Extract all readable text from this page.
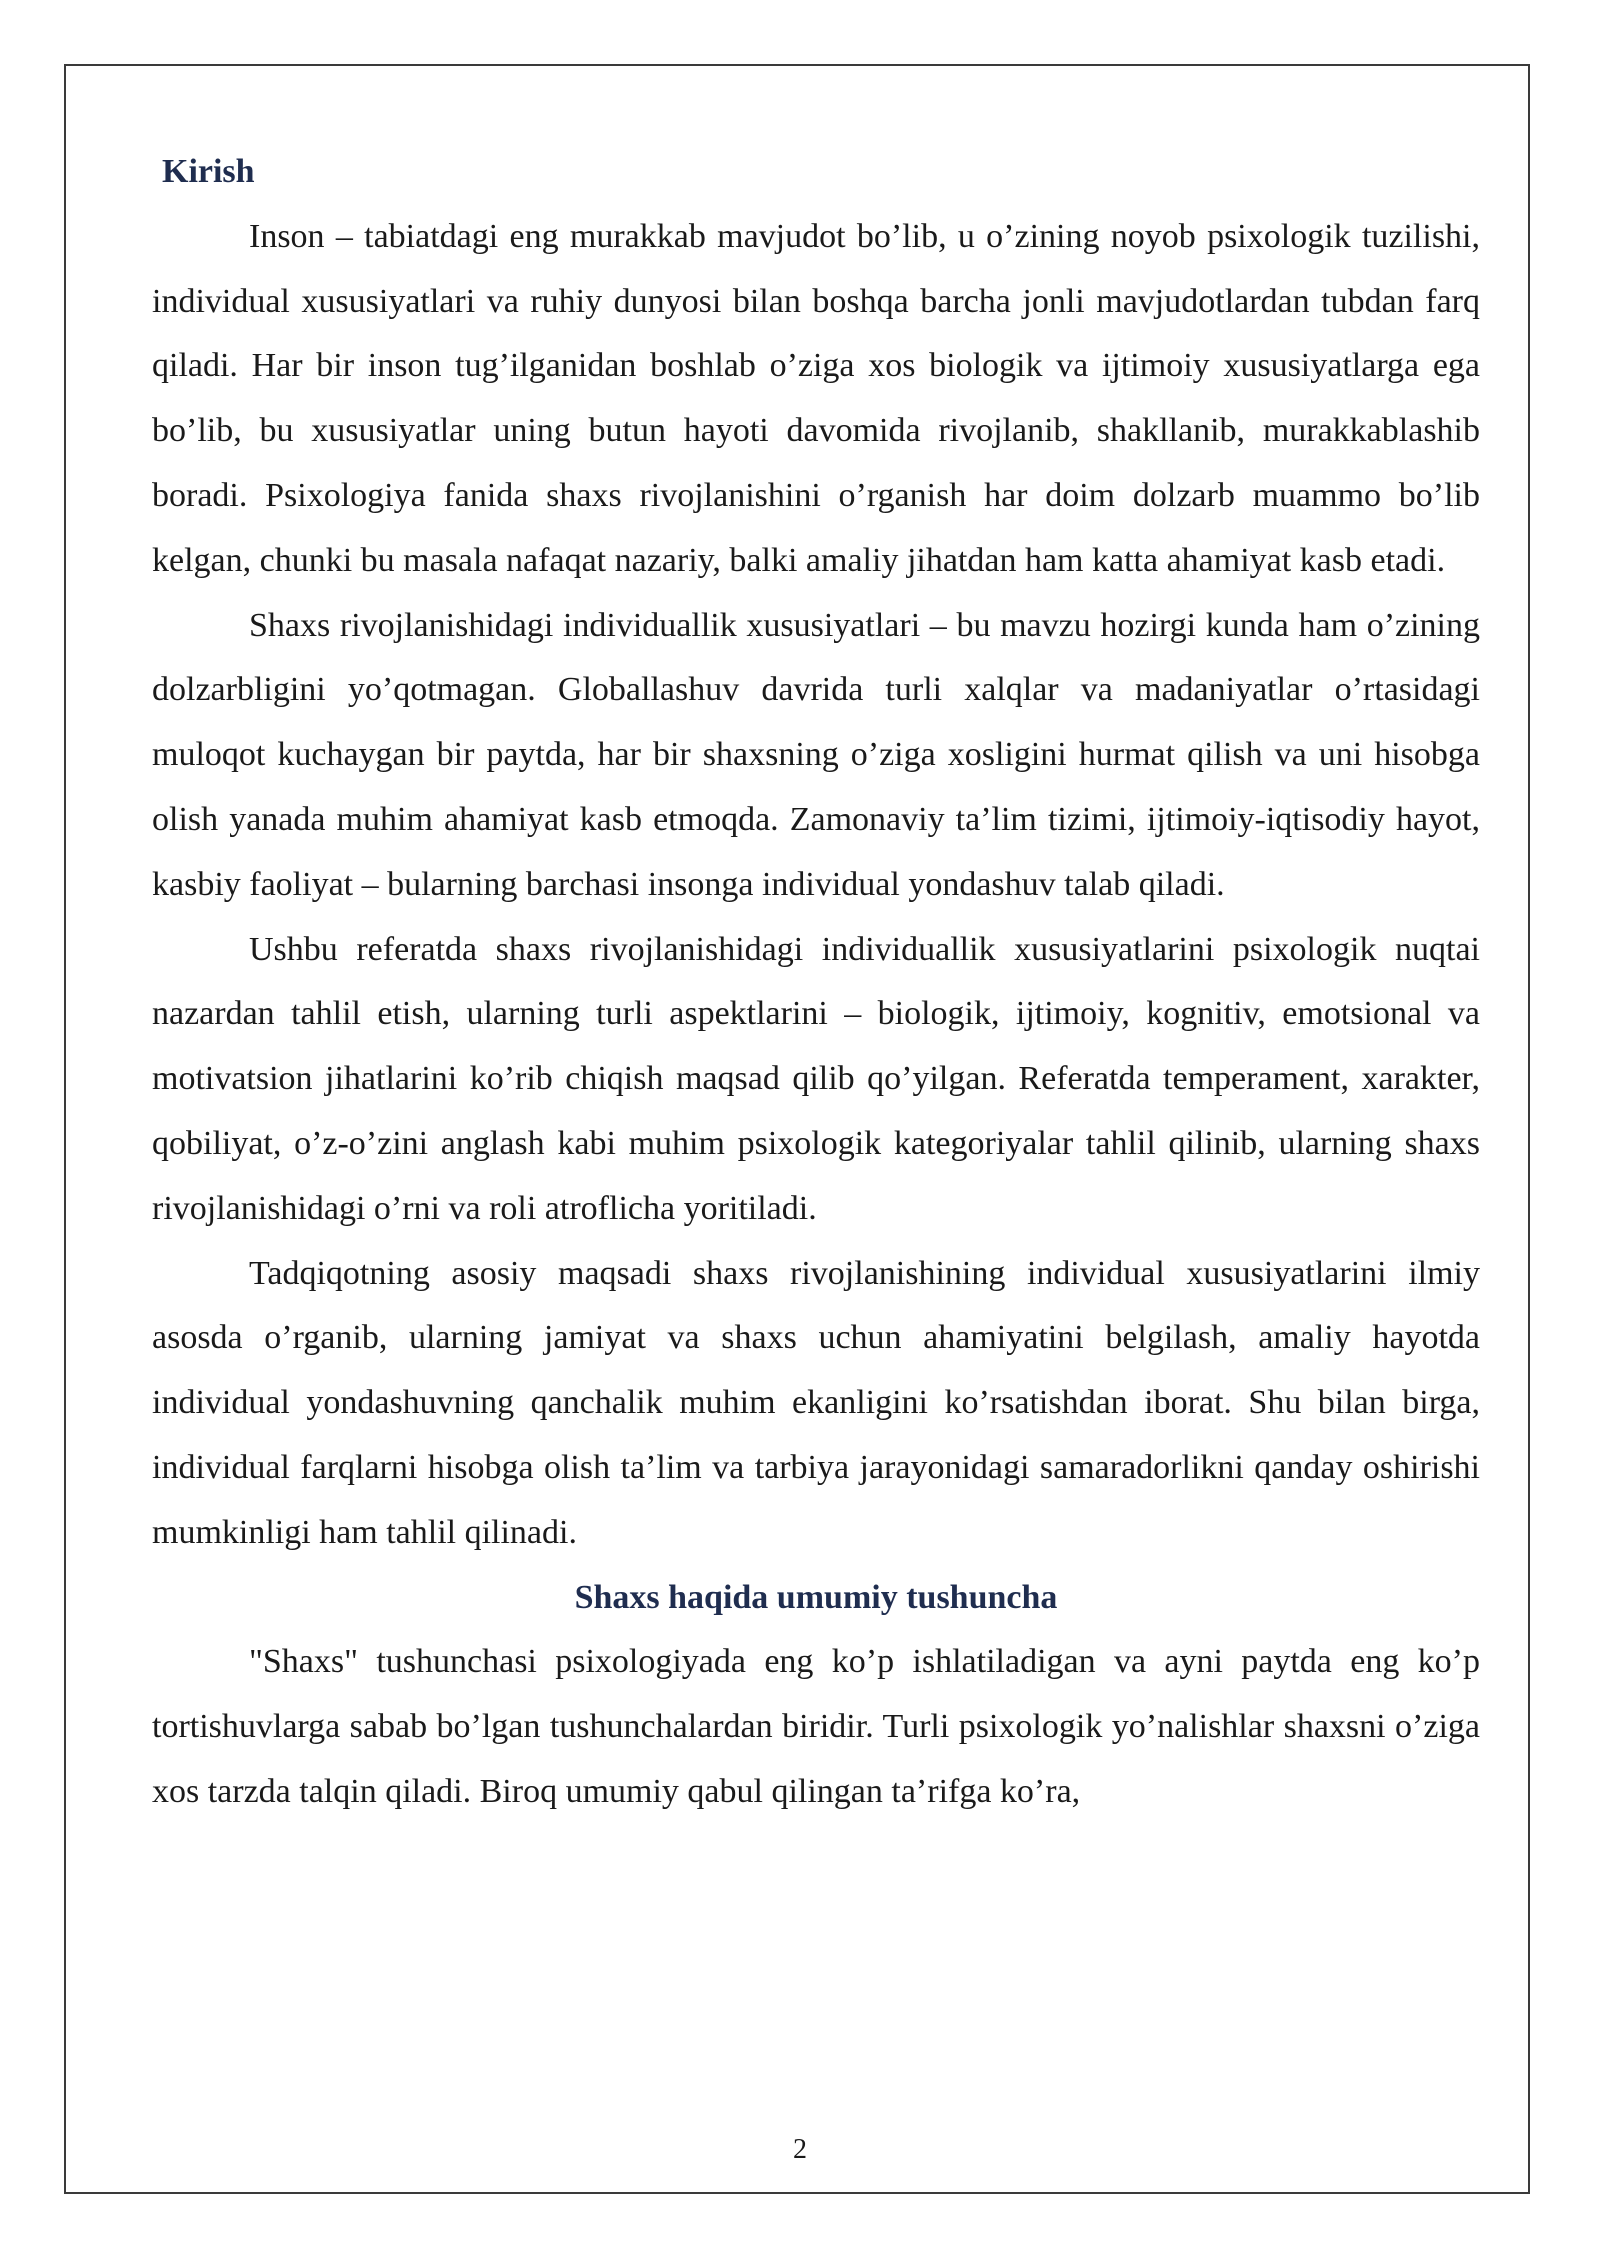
Kirish

Inson – tabiatdagi eng murakkab mavjudot bo’lib, u o’zining noyob psixologik tuzilishi, individual xususiyatlari va ruhiy dunyosi bilan boshqa barcha jonli mavjudotlardan tubdan farq qiladi. Har bir inson tug’ilganidan boshlab o’ziga xos biologik va ijtimoiy xususiyatlarga ega bo’lib, bu xususiyatlar uning butun hayoti davomida rivojlanib, shakllanib, murakkablashib boradi. Psixologiya fanida shaxs rivojlanishini o’rganish har doim dolzarb muammo bo’lib kelgan, chunki bu masala nafaqat nazariy, balki amaliy jihatdan ham katta ahamiyat kasb etadi.

Shaxs rivojlanishidagi individuallik xususiyatlari – bu mavzu hozirgi kunda ham o’zining dolzarbligini yo’qotmagan. Globallashuv davrida turli xalqlar va madaniyatlar o’rtasidagi muloqot kuchaygan bir paytda, har bir shaxsning o’ziga xosligini hurmat qilish va uni hisobga olish yanada muhim ahamiyat kasb etmoqda. Zamonaviy ta’lim tizimi, ijtimoiy-iqtisodiy hayot, kasbiy faoliyat – bularning barchasi insonga individual yondashuv talab qiladi.

Ushbu referatda shaxs rivojlanishidagi individuallik xususiyatlarini psixologik nuqtai nazardan tahlil etish, ularning turli aspektlarini – biologik, ijtimoiy, kognitiv, emotsional va motivatsion jihatlarini ko’rib chiqish maqsad qilib qo’yilgan. Referatda temperament, xarakter, qobiliyat, o’z-o’zini anglash kabi muhim psixologik kategoriyalar tahlil qilinib, ularning shaxs rivojlanishidagi o’rni va roli atroflicha yoritiladi.

Tadqiqotning asosiy maqsadi shaxs rivojlanishining individual xususiyatlarini ilmiy asosda o’rganib, ularning jamiyat va shaxs uchun ahamiyatini belgilash, amaliy hayotda individual yondashuvning qanchalik muhim ekanligini ko’rsatishdan iborat. Shu bilan birga, individual farqlarni hisobga olish ta’lim va tarbiya jarayonidagi samaradorlikni qanday oshirishi mumkinligi ham tahlil qilinadi.

Shaxs haqida umumiy tushuncha

"Shaxs" tushunchasi psixologiyada eng ko’p ishlatiladigan va ayni paytda eng ko’p tortishuvlarga sabab bo’lgan tushunchalardan biridir. Turli psixologik yo’nalishlar shaxsni o’ziga xos tarzda talqin qiladi. Biroq umumiy qabul qilingan ta’rifga ko’ra,

2
